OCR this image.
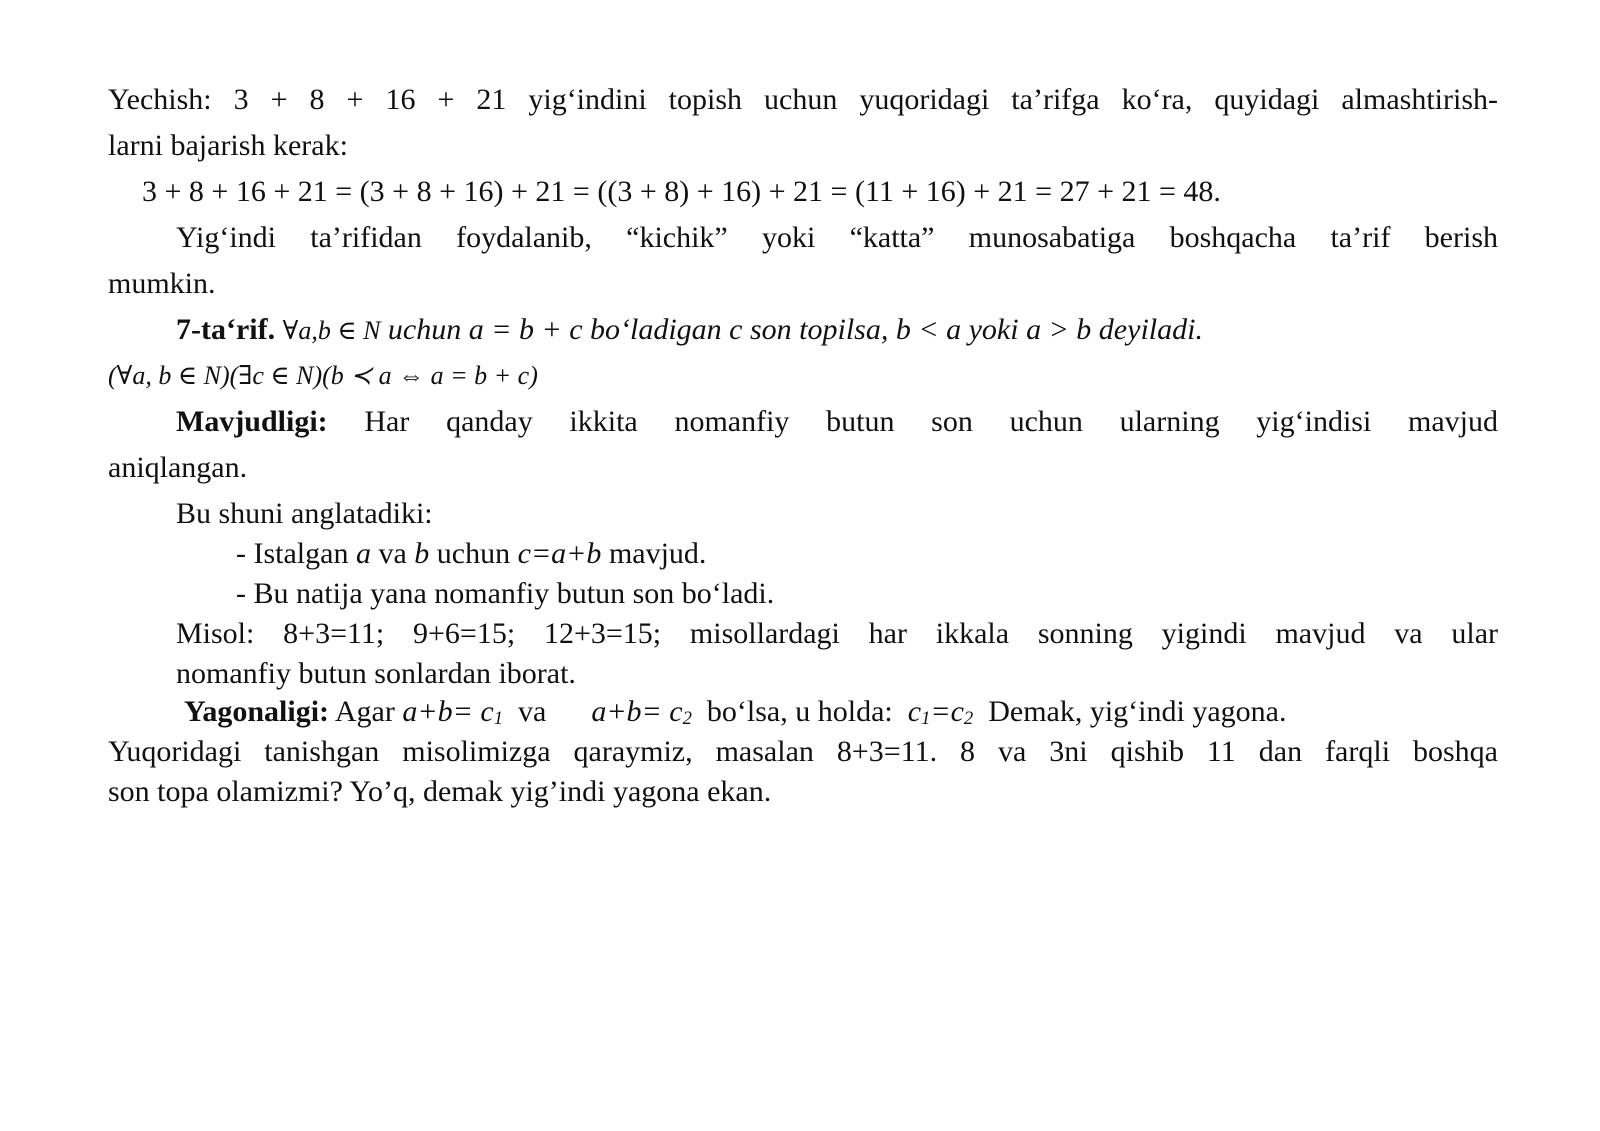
Yechish: 3 + 8 + 16 + 21 yig‘indini topish uchun yuqoridagi ta’rifga ko‘ra, quyidagi almashtirish-
larni bajarish kerak:
3 + 8 + 16 + 21 = (3 + 8 + 16) + 21 = ((3 + 8) + 16) + 21 = (11 + 16) + 21 = 27 + 21 = 48.
Yig‘indi ta’rifidan foydalanib, “kichik” yoki “katta” munosabatiga boshqacha ta’rif berish
mumkin.
7-ta‘rif. ∀a,b ∈ N uchun a = b + c bo‘ladigan c son topilsa, b < a yoki a > b deyiladi.
(∀a, b ∈ N)(∃c ∈ N)(b ≺ a ⇔ a = b + c)
Mavjudligi: Har qanday ikkita nomanfiy butun son uchun ularning yig‘indisi mavjud
aniqlangan.
Bu shuni anglatadiki:
- Istalgan a va b uchun c=a+b mavjud.
- Bu natija yana nomanfiy butun son bo‘ladi.
Misol: 8+3=11; 9+6=15; 12+3=15; misollardagi har ikkala sonning yigindi mavjud va ular
nomanfiy butun sonlardan iborat.
Yagonaligi: Agar a+b= c1  va      a+b= c2  bo‘lsa, u holda:  c1=c2  Demak, yig‘indi yagona.
Yuqoridagi tanishgan misolimizga qaraymiz, masalan 8+3=11. 8 va 3ni qishib 11 dan farqli boshqa
son topa olamizmi? Yo’q, demak yig’indi yagona ekan.
